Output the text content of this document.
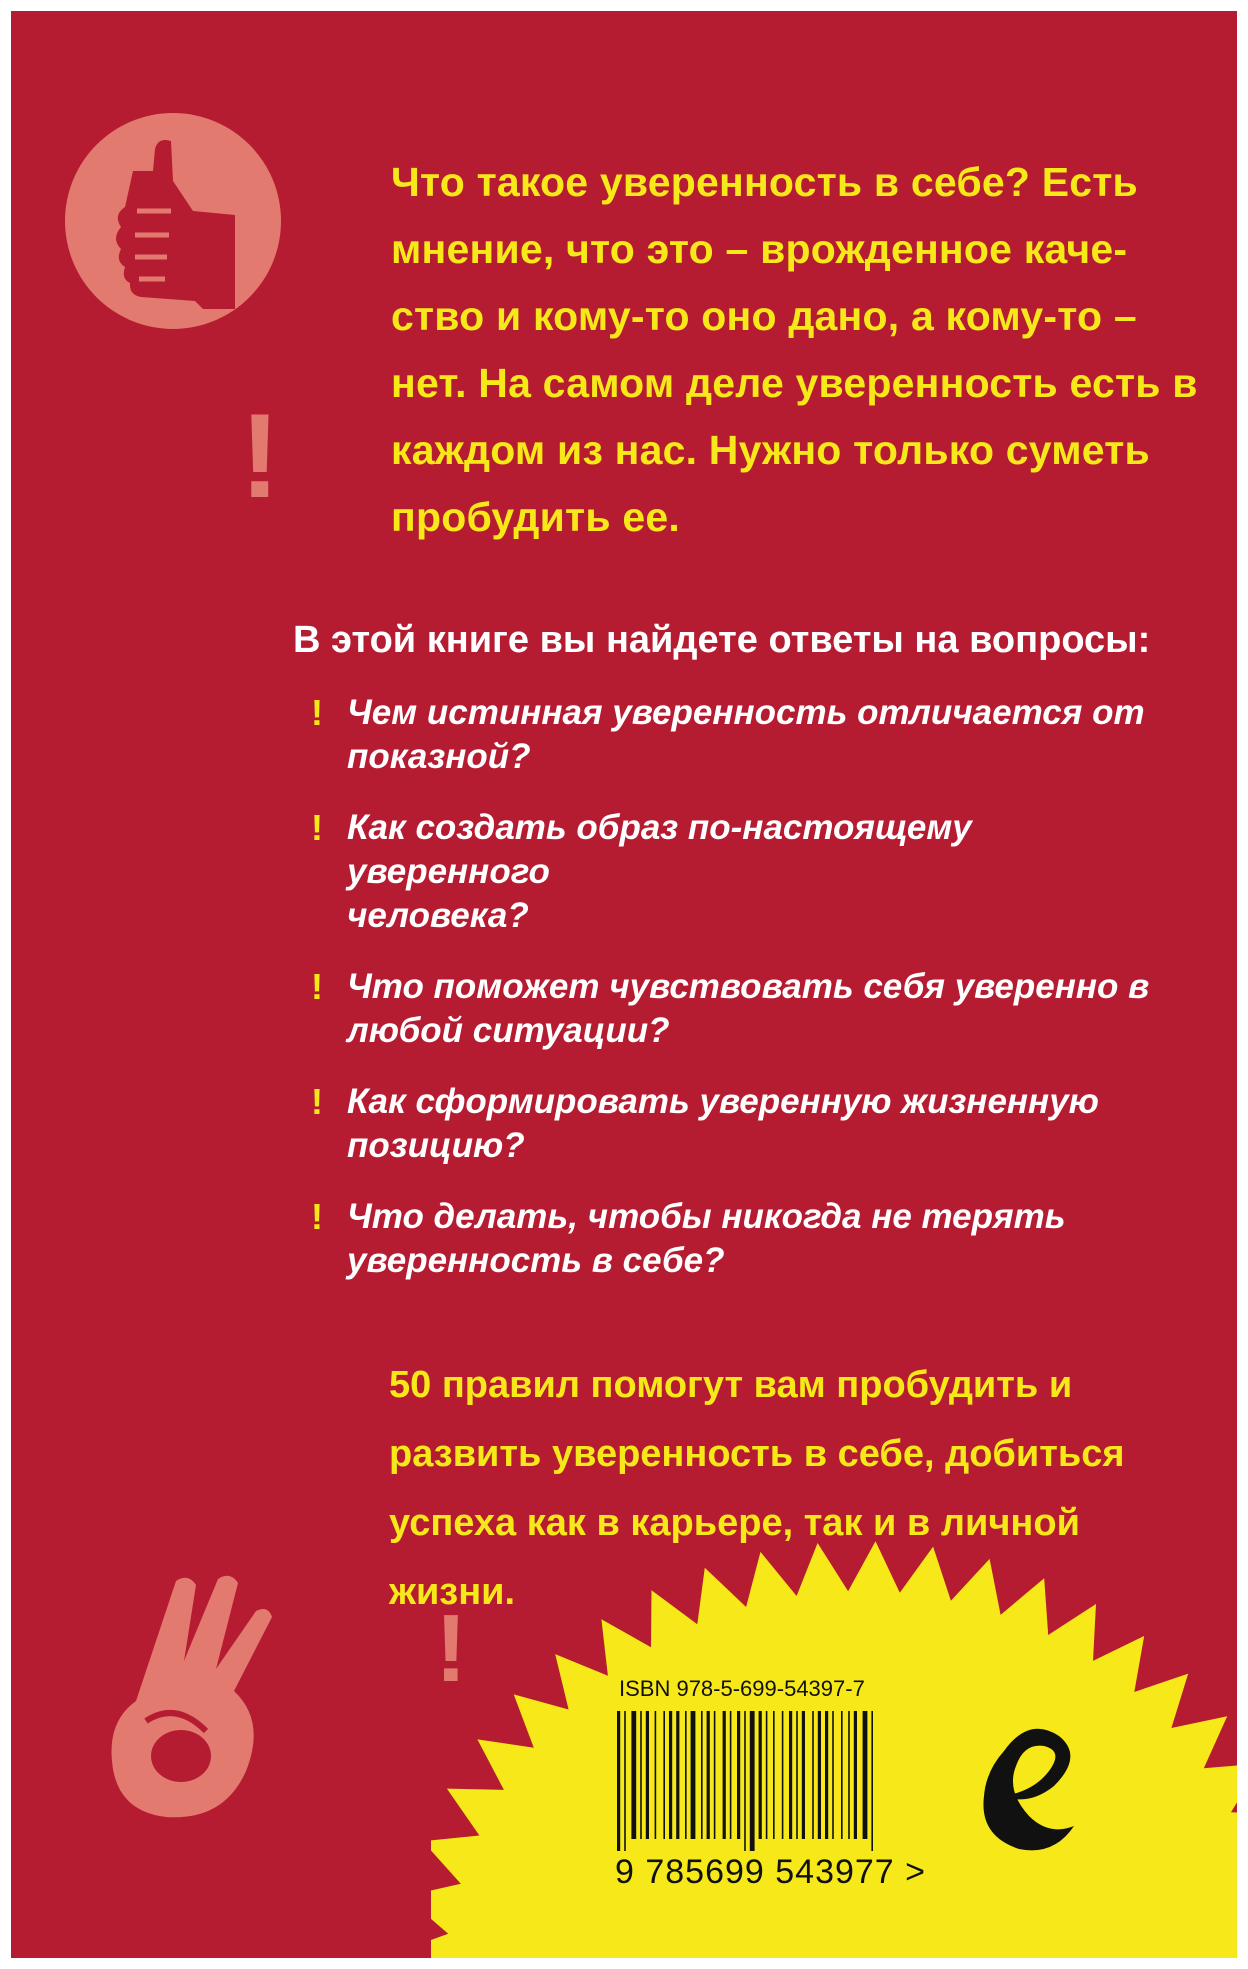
!
Что такое уверенность в себе? Есть
мнение, что это – врожденное каче-
ство и кому-то оно дано, а кому-то –
нет. На самом деле уверенность есть в
каждом из нас. Нужно только суметь
пробудить ее.
В этой книге вы найдете ответы на вопросы:
! Чем истинная уверенность отличается от
показной?
! Как создать образ по-настоящему уверенного
человека?
! Что поможет чувствовать себя уверенно в
любой ситуации?
! Как сформировать уверенную жизненную
позицию?
! Что делать, чтобы никогда не терять
уверенность в себе?
50 правил помогут вам пробудить и
развить уверенность в себе, добиться
успеха как в карьере, так и в личной жизни.
!	ISBN 978-5-699-54397-7
9 785699 543977 >
